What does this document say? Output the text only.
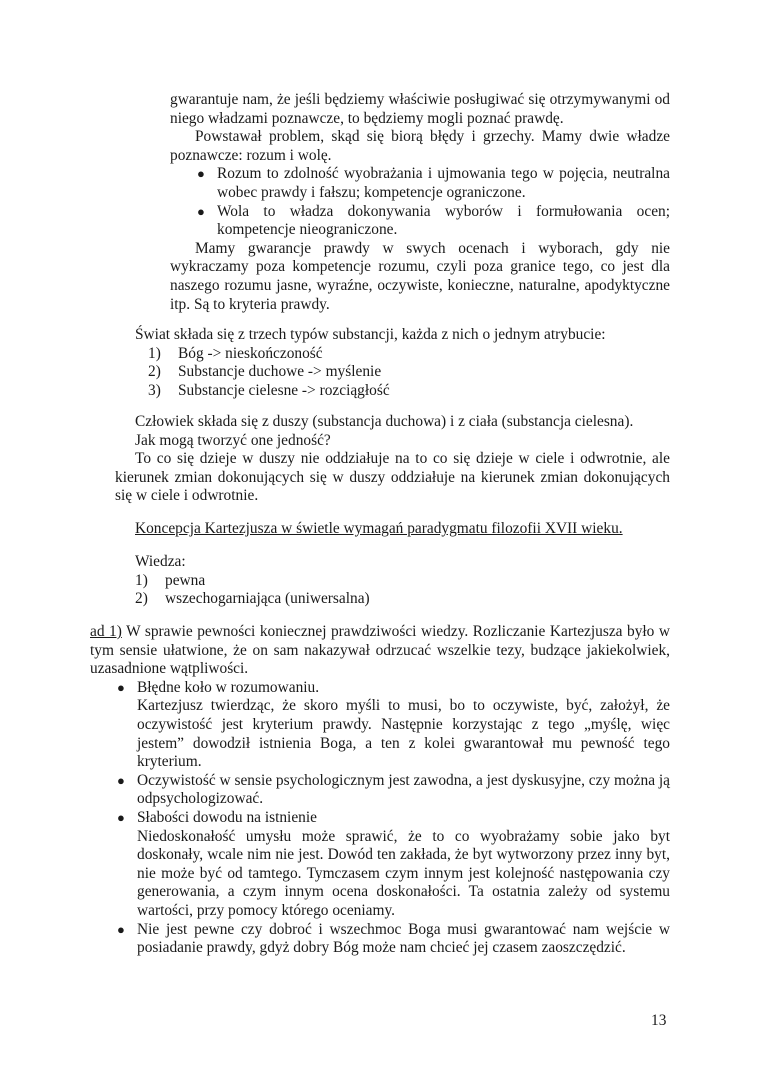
gwarantuje nam, że jeśli będziemy właściwie posługiwać się otrzymywanymi od niego władzami poznawcze, to będziemy mogli poznać prawdę.

Powstawał problem, skąd się biorą błędy i grzechy. Mamy dwie władze poznawcze: rozum i wolę.

● Rozum to zdolność wyobrażania i ujmowania tego w pojęcia, neutralna wobec prawdy i fałszu; kompetencje ograniczone.
● Wola to władza dokonywania wyborów i formułowania ocen; kompetencje nieograniczone.

Mamy gwarancje prawdy w swych ocenach i wyborach, gdy nie wykraczamy poza kompetencje rozumu, czyli poza granice tego, co jest dla naszego rozumu jasne, wyraźne, oczywiste, konieczne, naturalne, apodyktyczne itp. Są to kryteria prawdy.

Świat składa się z trzech typów substancji, każda z nich o jednym atrybucie:

1) Bóg -> nieskończoność
2) Substancje duchowe -> myślenie
3) Substancje cielesne -> rozciągłość

Człowiek składa się z duszy (substancja duchowa) i z ciała (substancja cielesna).

Jak mogą tworzyć one jedność?

To co się dzieje w duszy nie oddziałuje na to co się dzieje w ciele i odwrotnie, ale kierunek zmian dokonujących się w duszy oddziałuje na kierunek zmian dokonujących się w ciele i odwrotnie.

Koncepcja Kartezjusza w świetle wymagań paradygmatu filozofii XVII wieku.

Wiedza:

1) pewna
2) wszechogarniająca (uniwersalna)

ad 1) W sprawie pewności koniecznej prawdziwości wiedzy. Rozliczanie Kartezjusza było w tym sensie ułatwione, że on sam nakazywał odrzucać wszelkie tezy, budzące jakiekolwiek, uzasadnione wątpliwości.

● Błędne koło w rozumowaniu.

Kartezjusz twierdząc, że skoro myśli to musi, bo to oczywiste, być, założył, że oczywistość jest kryterium prawdy. Następnie korzystając z tego „myślę, więc jestem” dowodził istnienia Boga, a ten z kolei gwarantował mu pewność tego kryterium.

● Oczywistość w sensie psychologicznym jest zawodna, a jest dyskusyjne, czy można ją odpsychologizować.

● Słabości dowodu na istnienie

Niedoskonałość umysłu może sprawić, że to co wyobrażamy sobie jako byt doskonały, wcale nim nie jest. Dowód ten zakłada, że byt wytworzony przez inny byt, nie może być od tamtego. Tymczasem czym innym jest kolejność następowania czy generowania, a czym innym ocena doskonałości. Ta ostatnia zależy od systemu wartości, przy pomocy którego oceniamy.

● Nie jest pewne czy dobroć i wszechmoc Boga musi gwarantować nam wejście w posiadanie prawdy, gdyż dobry Bóg może nam chcieć jej czasem zaoszczędzić.

13
